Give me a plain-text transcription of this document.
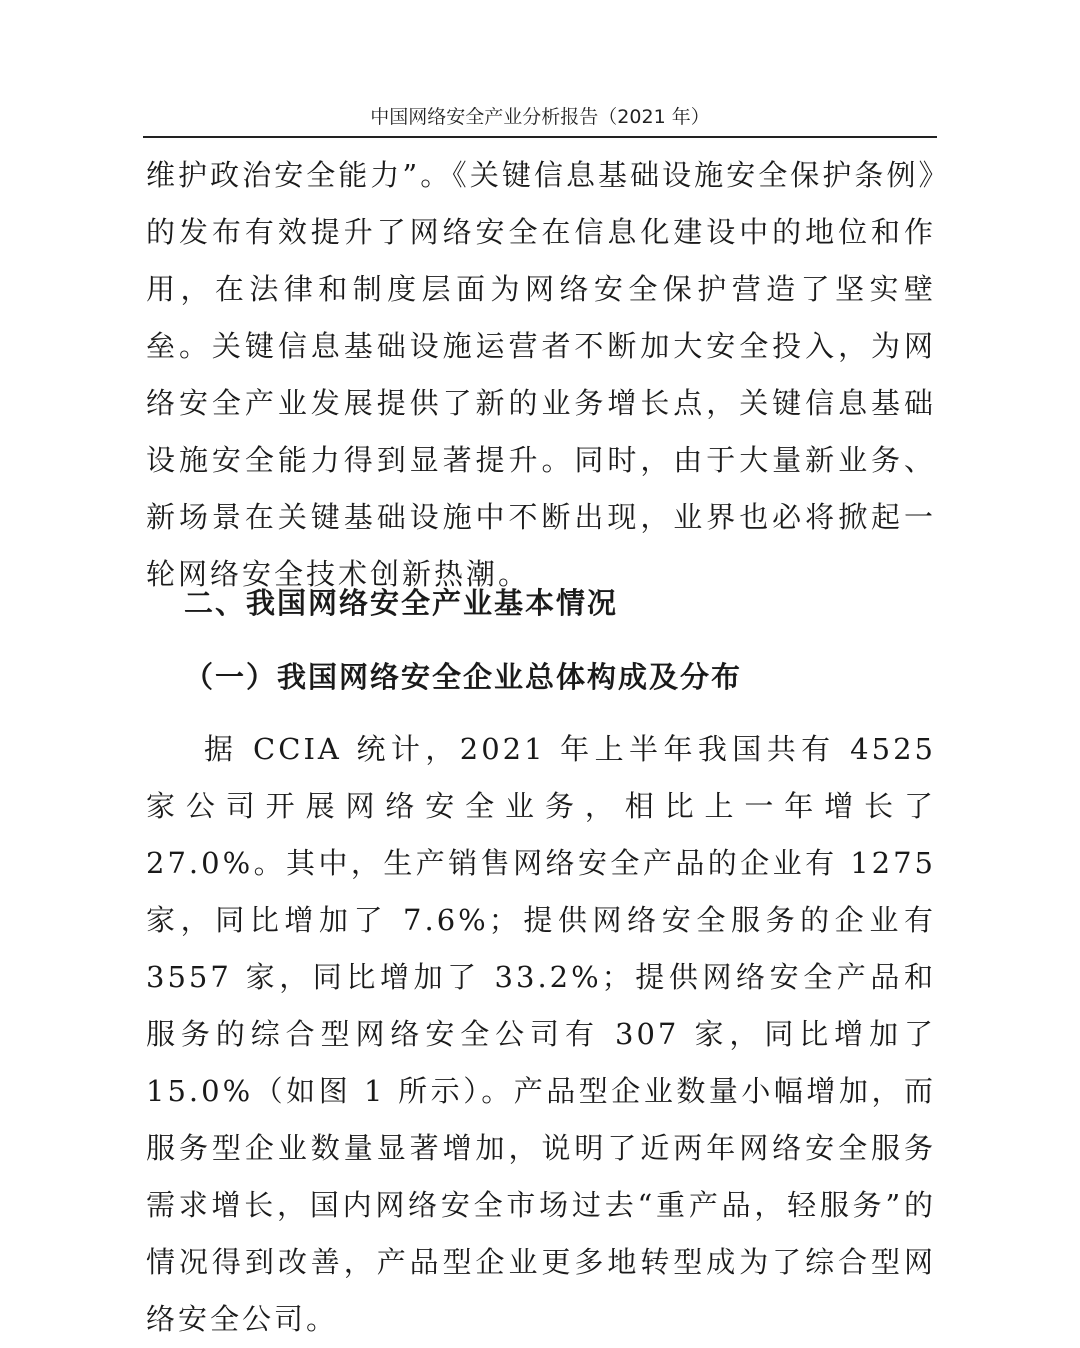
中国网络安全产业分析报告（2021 年）

维护政治安全能力”。《关键信息基础设施安全保护条例》的发布有效提升了网络安全在信息化建设中的地位和作用，在法律和制度层面为网络安全保护营造了坚实壁垒。关键信息基础设施运营者不断加大安全投入，为网络安全产业发展提供了新的业务增长点，关键信息基础设施安全能力得到显著提升。同时，由于大量新业务、新场景在关键基础设施中不断出现，业界也必将掀起一轮网络安全技术创新热潮。

二、我国网络安全产业基本情况
（一）我国网络安全企业总体构成及分布

据 CCIA 统计，2021 年上半年我国共有 4525 家公司开展网络安全业务，相比上一年增长了 27.0%。其中，生产销售网络安全产品的企业有 1275 家，同比增加了 7.6%；提供网络安全服务的企业有 3557 家，同比增加了 33.2%；提供网络安全产品和服务的综合型网络安全公司有 307 家，同比增加了 15.0%（如图 1 所示）。产品型企业数量小幅增加，而服务型企业数量显著增加，说明了近两年网络安全服务需求增长，国内网络安全市场过去“重产品，轻服务”的情况得到改善，产品型企业更多地转型成为了综合型网络安全公司。
